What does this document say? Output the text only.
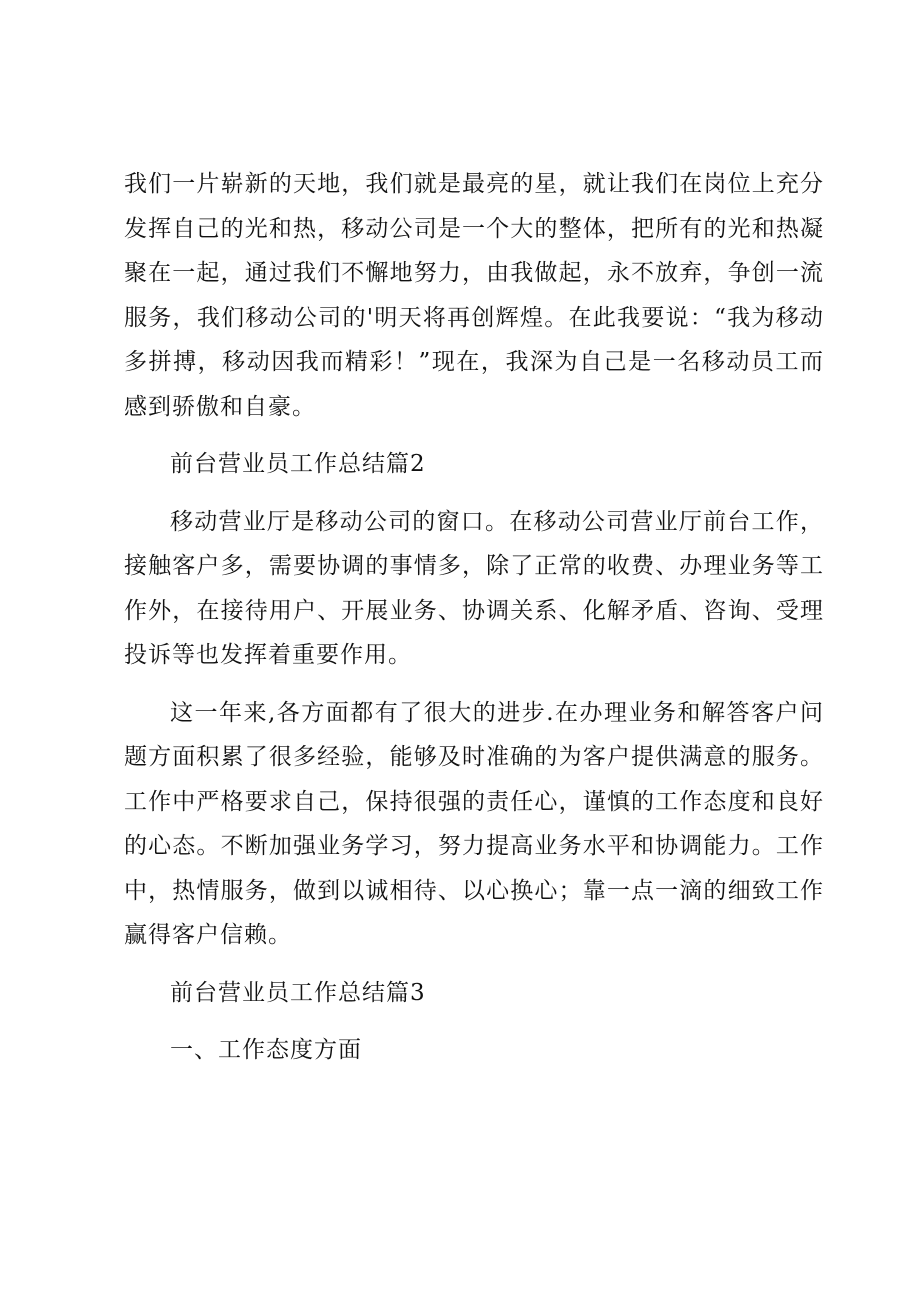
我们一片崭新的天地，我们就是最亮的星，就让我们在岗位上充分发挥自己的光和热，移动公司是一个大的整体，把所有的光和热凝聚在一起，通过我们不懈地努力，由我做起，永不放弃，争创一流服务，我们移动公司的'明天将再创辉煌。在此我要说：“我为移动多拼搏，移动因我而精彩！”现在，我深为自己是一名移动员工而感到骄傲和自豪。

前台营业员工作总结篇2

移动营业厅是移动公司的窗口。在移动公司营业厅前台工作，接触客户多，需要协调的事情多，除了正常的收费、办理业务等工作外，在接待用户、开展业务、协调关系、化解矛盾、咨询、受理投诉等也发挥着重要作用。

这一年来,各方面都有了很大的进步.在办理业务和解答客户问题方面积累了很多经验，能够及时准确的为客户提供满意的服务。工作中严格要求自己，保持很强的责任心，谨慎的工作态度和良好的心态。不断加强业务学习，努力提高业务水平和协调能力。工作中，热情服务，做到以诚相待、以心换心；靠一点一滴的细致工作赢得客户信赖。

前台营业员工作总结篇3

一、工作态度方面
